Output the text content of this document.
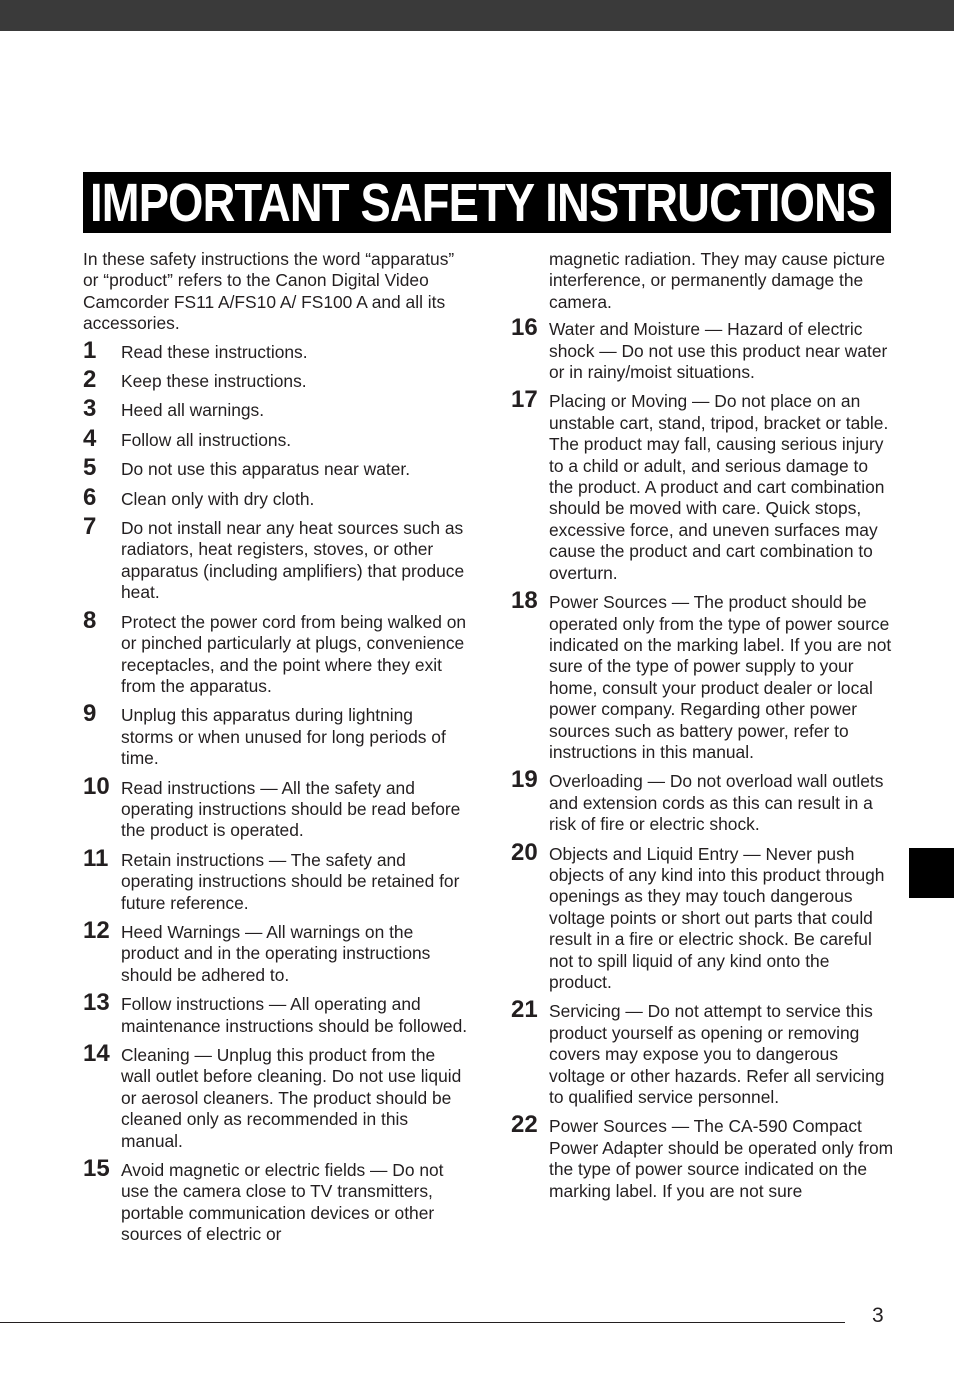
IMPORTANT SAFETY INSTRUCTIONS

In these safety instructions the word “apparatus” or “product” refers to the Canon Digital Video Camcorder FS11 A/FS10 A/ FS100 A and all its accessories.

1 Read these instructions.
2 Keep these instructions.
3 Heed all warnings.
4 Follow all instructions.
5 Do not use this apparatus near water.
6 Clean only with dry cloth.
7 Do not install near any heat sources such as radiators, heat registers, stoves, or other apparatus (including amplifiers) that produce heat.
8 Protect the power cord from being walked on or pinched particularly at plugs, convenience receptacles, and the point where they exit from the apparatus.
9 Unplug this apparatus during lightning storms or when unused for long periods of time.
10 Read instructions — All the safety and operating instructions should be read before the product is operated.
11 Retain instructions — The safety and operating instructions should be retained for future reference.
12 Heed Warnings — All warnings on the product and in the operating instructions should be adhered to.
13 Follow instructions — All operating and maintenance instructions should be followed.
14 Cleaning — Unplug this product from the wall outlet before cleaning. Do not use liquid or aerosol cleaners. The product should be cleaned only as recommended in this manual.
15 Avoid magnetic or electric fields — Do not use the camera close to TV transmitters, portable communication devices or other sources of electric or

magnetic radiation. They may cause picture interference, or permanently damage the camera.

16 Water and Moisture — Hazard of electric shock — Do not use this product near water or in rainy/moist situations.
17 Placing or Moving — Do not place on an unstable cart, stand, tripod, bracket or table. The product may fall, causing serious injury to a child or adult, and serious damage to the product. A product and cart combination should be moved with care. Quick stops, excessive force, and uneven surfaces may cause the product and cart combination to overturn.
18 Power Sources — The product should be operated only from the type of power source indicated on the marking label. If you are not sure of the type of power supply to your home, consult your product dealer or local power company. Regarding other power sources such as battery power, refer to instructions in this manual.
19 Overloading — Do not overload wall outlets and extension cords as this can result in a risk of fire or electric shock.
20 Objects and Liquid Entry — Never push objects of any kind into this product through openings as they may touch dangerous voltage points or short out parts that could result in a fire or electric shock. Be careful not to spill liquid of any kind onto the product.
21 Servicing — Do not attempt to service this product yourself as opening or removing covers may expose you to dangerous voltage or other hazards. Refer all servicing to qualified service personnel.
22 Power Sources — The CA-590 Compact Power Adapter should be operated only from the type of power source indicated on the marking label. If you are not sure
3
